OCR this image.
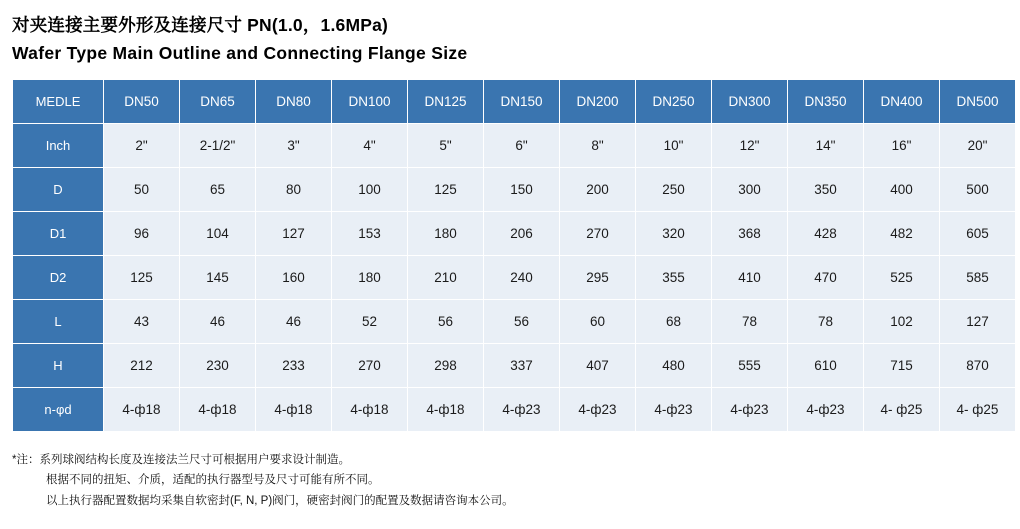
对夹连接主要外形及连接尺寸 PN(1.0，1.6MPa)
Wafer Type Main Outline and Connecting Flange Size
MEDLE	DN50	DN65	DN80	DN100	DN125	DN150	DN200	DN250	DN300	DN350	DN400	DN500
Inch	2"	2-1/2"	3"	4"	5"	6"	8"	10"	12"	14"	16"	20"
D	50	65	80	100	125	150	200	250	300	350	400	500
D1	96	104	127	153	180	206	270	320	368	428	482	605
D2	125	145	160	180	210	240	295	355	410	470	525	585
L	43	46	46	52	56	56	60	68	78	78	102	127
H	212	230	233	270	298	337	407	480	555	610	715	870
n-φd	4-ф18	4-ф18	4-ф18	4-ф18	4-ф18	4-ф23	4-ф23	4-ф23	4-ф23	4-ф23	4- ф25	4- ф25
*注：系列球阀结构长度及连接法兰尺寸可根据用户要求设计制造。
根据不同的扭矩、介质，适配的执行器型号及尺寸可能有所不同。
以上执行器配置数据均采集自软密封(F, N, P)阀门，硬密封阀门的配置及数据请咨询本公司。
